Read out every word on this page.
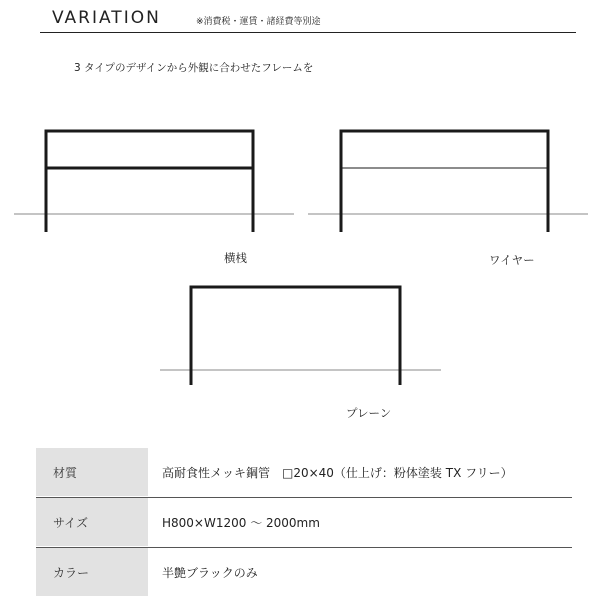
VARIATION	※消費税・運賃・諸経費等別途
3 タイプのデザインから外観に合わせたフレームを
横桟	ワイヤー
プレーン
材質	高耐食性メッキ鋼管　□20×40（仕上げ：粉体塗装 TX フリー）
サイズ	H800×W1200 ～ 2000mm
カラー	半艶ブラックのみ
